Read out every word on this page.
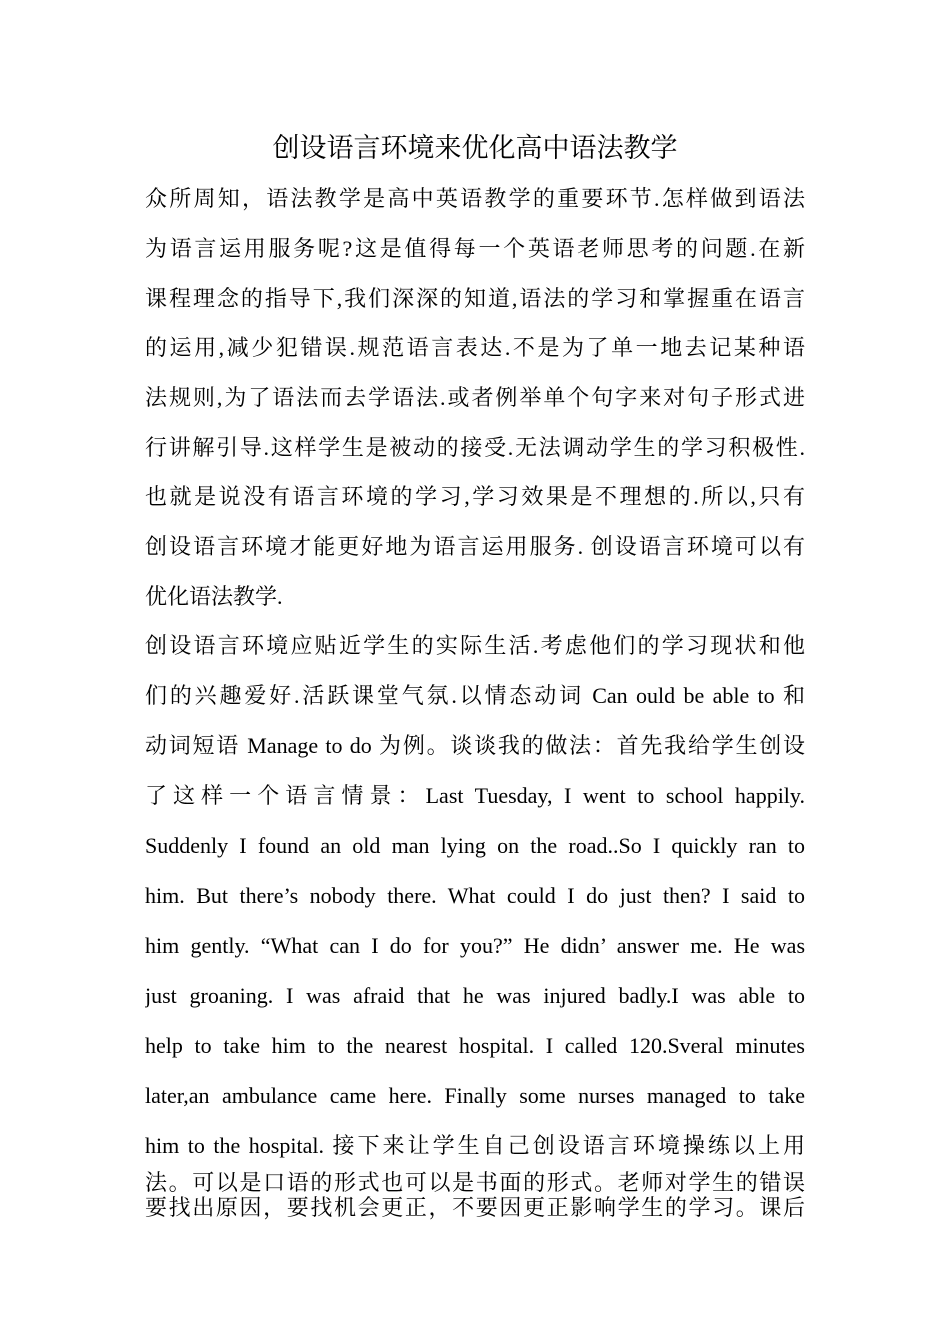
创设语言环境来优化高中语法教学
众所周知，语法教学是高中英语教学的重要环节.怎样做到语法
为语言运用服务呢?这是值得每一个英语老师思考的问题.在新
课程理念的指导下,我们深深的知道,语法的学习和掌握重在语言
的运用,减少犯错误.规范语言表达.不是为了单一地去记某种语
法规则,为了语法而去学语法.或者例举单个句字来对句子形式进
行讲解引导.这样学生是被动的接受.无法调动学生的学习积极性.
也就是说没有语言环境的学习,学习效果是不理想的.所以,只有
创设语言环境才能更好地为语言运用服务. 创设语言环境可以有
优化语法教学.
创设语言环境应贴近学生的实际生活.考虑他们的学习现状和他
们的兴趣爱好.活跃课堂气氛.以情态动词 Can ould be able to 和
动词短语 Manage to do 为例。谈谈我的做法：首先我给学生创设
了这样一个语言情景：Last Tuesday, I went to school happily.
Suddenly I found an old man lying on the road..So I quickly ran to
him. But there’s nobody there. What could I do just then? I said to
him gently. “What can I do for you?” He didn’ answer me. He was
just groaning. I was afraid that he was injured badly.I was able to
help to take him to the nearest hospital. I called 120.Sveral minutes
later,an ambulance came here. Finally some nurses managed to take
him to the hospital. 接下来让学生自己创设语言环境操练以上用
法。可以是口语的形式也可以是书面的形式。老师对学生的错误
要找出原因，要找机会更正，不要因更正影响学生的学习。课后
